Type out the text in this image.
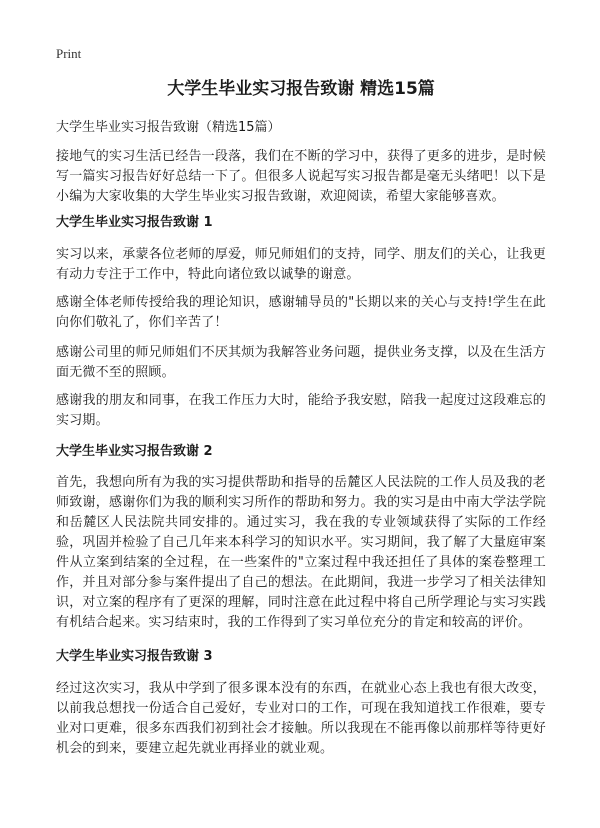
Print
大学生毕业实习报告致谢 精选15篇

大学生毕业实习报告致谢（精选15篇）

接地气的实习生活已经告一段落，我们在不断的学习中，获得了更多的进步，是时候写一篇实习报告好好总结一下了。但很多人说起写实习报告都是毫无头绪吧！以下是小编为大家收集的大学生毕业实习报告致谢，欢迎阅读，希望大家能够喜欢。

大学生毕业实习报告致谢 1

实习以来，承蒙各位老师的厚爱，师兄师姐们的支持，同学、朋友们的关心，让我更有动力专注于工作中，特此向诸位致以诚挚的谢意。

感谢全体老师传授给我的理论知识，感谢辅导员的"长期以来的关心与支持!学生在此向你们敬礼了，你们辛苦了！

感谢公司里的师兄师姐们不厌其烦为我解答业务问题，提供业务支撑，以及在生活方面无微不至的照顾。

感谢我的朋友和同事，在我工作压力大时，能给予我安慰，陪我一起度过这段难忘的实习期。

大学生毕业实习报告致谢 2

首先，我想向所有为我的实习提供帮助和指导的岳麓区人民法院的工作人员及我的老师致谢，感谢你们为我的顺利实习所作的帮助和努力。我的实习是由中南大学法学院和岳麓区人民法院共同安排的。通过实习，我在我的专业领域获得了实际的工作经验，巩固并检验了自己几年来本科学习的知识水平。实习期间，我了解了大量庭审案件从立案到结案的全过程，在一些案件的"立案过程中我还担任了具体的案卷整理工作，并且对部分参与案件提出了自己的想法。在此期间，我进一步学习了相关法律知识，对立案的程序有了更深的理解，同时注意在此过程中将自己所学理论与实习实践有机结合起来。实习结束时，我的工作得到了实习单位充分的肯定和较高的评价。

大学生毕业实习报告致谢 3

经过这次实习，我从中学到了很多课本没有的东西，在就业心态上我也有很大改变，以前我总想找一份适合自己爱好，专业对口的工作，可现在我知道找工作很难，要专业对口更难，很多东西我们初到社会才接触。所以我现在不能再像以前那样等待更好机会的到来，要建立起先就业再择业的就业观。
